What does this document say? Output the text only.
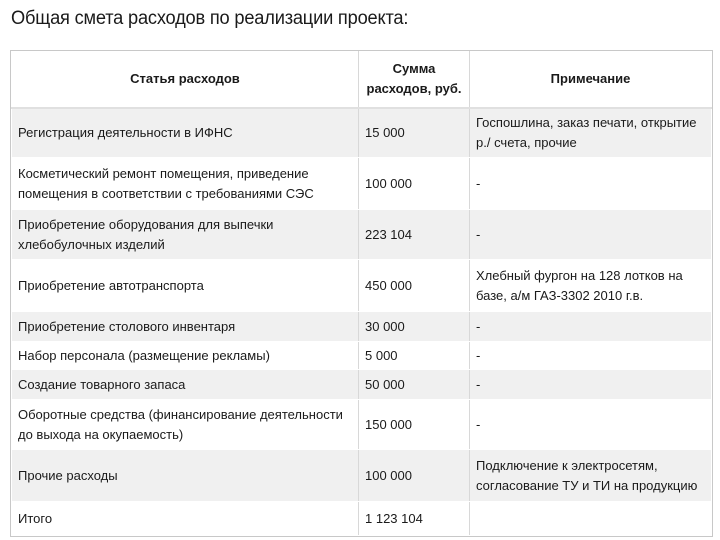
Общая смета расходов по реализации проекта:
Статья расходов	Сумма расходов, руб.	Примечание
Регистрация деятельности в ИФНС	15 000	Госпошлина, заказ печати, открытие р./ счета, прочие
Косметический ремонт помещения, приведение помещения в соответствии с требованиями СЭС	100 000	-
Приобретение оборудования для выпечки хлебобулочных изделий	223 104	-
Приобретение автотранспорта	450 000	Хлебный фургон на 128 лотков на базе, а/м ГАЗ-3302 2010 г.в.
Приобретение столового инвентаря	30 000	-
Набор персонала (размещение рекламы)	5 000	-
Создание товарного запаса	50 000	-
Оборотные средства (финансирование деятельности до выхода на окупаемость)	150 000	-
Прочие расходы	100 000	Подключение к электросетям, согласование ТУ и ТИ на продукцию
Итого	1 123 104	
